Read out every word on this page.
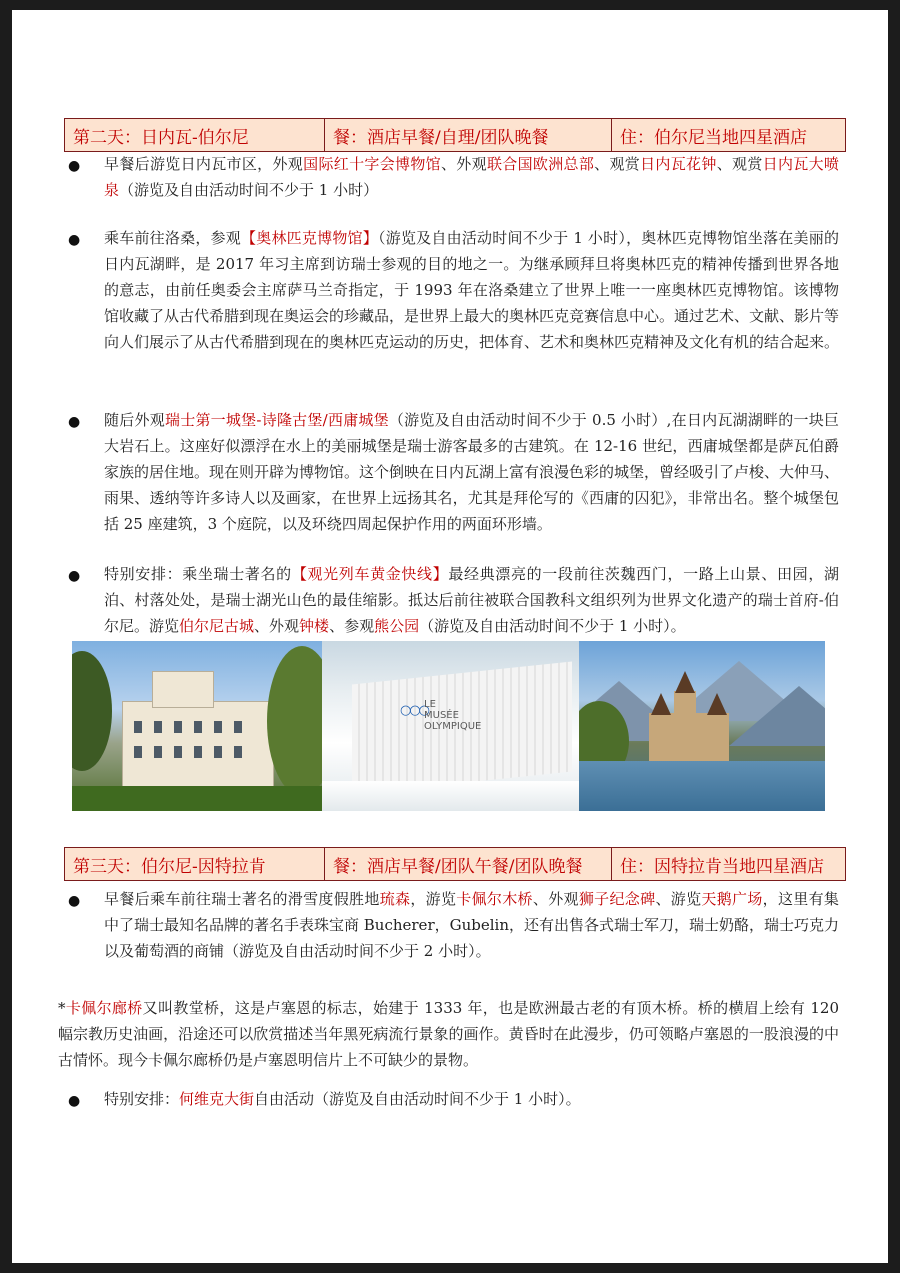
第二天：日内瓦-伯尔尼	餐：酒店早餐/自理/团队晚餐	住：伯尔尼当地四星酒店
● 早餐后游览日内瓦市区，外观国际红十字会博物馆、外观联合国欧洲总部、观赏日内瓦花钟、观赏日内瓦大喷泉（游览及自由活动时间不少于 1 小时）
● 乘车前往洛桑，参观【奥林匹克博物馆】（游览及自由活动时间不少于 1 小时），奥林匹克博物馆坐落在美丽的日内瓦湖畔，是 2017 年习主席到访瑞士参观的目的地之一。为继承顾拜旦将奥林匹克的精神传播到世界各地的意志，由前任奥委会主席萨马兰奇指定，于 1993 年在洛桑建立了世界上唯一一座奥林匹克博物馆。该博物馆收藏了从古代希腊到现在奥运会的珍藏品，是世界上最大的奥林匹克竞赛信息中心。通过艺术、文献、影片等向人们展示了从古代希腊到现在的奥林匹克运动的历史，把体育、艺术和奥林匹克精神及文化有机的结合起来。
● 随后外观瑞士第一城堡-诗隆古堡/西庸城堡（游览及自由活动时间不少于 0.5 小时）,在日内瓦湖湖畔的一块巨大岩石上。这座好似漂浮在水上的美丽城堡是瑞士游客最多的古建筑。在 12-16 世纪，西庸城堡都是萨瓦伯爵家族的居住地。现在则开辟为博物馆。这个倒映在日内瓦湖上富有浪漫色彩的城堡，曾经吸引了卢梭、大仲马、雨果、透纳等许多诗人以及画家，在世界上远扬其名，尤其是拜伦写的《西庸的囚犯》，非常出名。整个城堡包括 25 座建筑，3 个庭院，以及环绕四周起保护作用的两面环形墙。
● 特别安排：乘坐瑞士著名的【观光列车黄金快线】最经典漂亮的一段前往茨魏西门，一路上山景、田园，湖泊、村落处处，是瑞士湖光山色的最佳缩影。抵达后前往被联合国教科文组织列为世界文化遗产的瑞士首府-伯尔尼。游览伯尔尼古城、外观钟楼、参观熊公园（游览及自由活动时间不少于 1 小时）。
○○○
LE
MUSÉE
OLYMPIQUE
第三天：伯尔尼-因特拉肯	餐：酒店早餐/团队午餐/团队晚餐	住：因特拉肯当地四星酒店
● 早餐后乘车前往瑞士著名的滑雪度假胜地琉森，游览卡佩尔木桥、外观狮子纪念碑、游览天鹅广场，这里有集中了瑞士最知名品牌的著名手表珠宝商 Bucherer，Gubelin，还有出售各式瑞士军刀，瑞士奶酪，瑞士巧克力以及葡萄酒的商铺（游览及自由活动时间不少于 2 小时）。
*卡佩尔廊桥又叫教堂桥，这是卢塞恩的标志，始建于 1333 年，也是欧洲最古老的有顶木桥。桥的横眉上绘有 120 幅宗教历史油画，沿途还可以欣赏描述当年黑死病流行景象的画作。黄昏时在此漫步，仍可领略卢塞恩的一股浪漫的中古情怀。现今卡佩尔廊桥仍是卢塞恩明信片上不可缺少的景物。
● 特别安排：何维克大街自由活动（游览及自由活动时间不少于 1 小时）。
